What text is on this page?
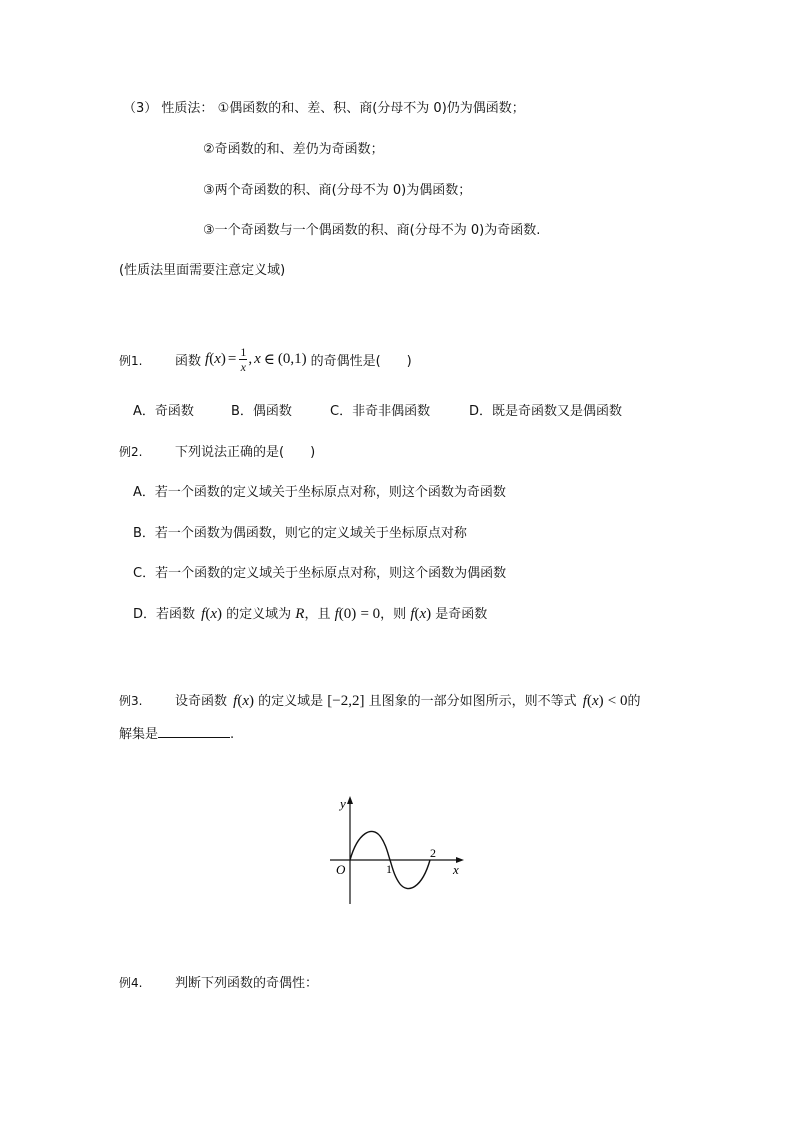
（3） 性质法： ①偶函数的和、差、积、商(分母不为 0)仍为偶函数；
②奇函数的和、差仍为奇函数；
③两个奇函数的积、商(分母不为 0)为偶函数；
③一个奇函数与一个偶函数的积、商(分母不为 0)为奇函数.
(性质法里面需要注意定义域)
例1.	函数 f ( x ) = $\frac{1}{x}$ , x ∈ (0,1) 的奇偶性是(　　)
A．奇函数	B．偶函数	C．非奇非偶函数	D．既是奇函数又是偶函数
例2.	下列说法正确的是(　　)
A．若一个函数的定义域关于坐标原点对称，则这个函数为奇函数
B．若一个函数为偶函数，则它的定义域关于坐标原点对称
C．若一个函数的定义域关于坐标原点对称，则这个函数为偶函数
D．若函数 f(x) 的定义域为 R，且 f(0) = 0，则 f(x) 是奇函数
例3.	设奇函数 f(x) 的定义域是 [−2,2] 且图象的一部分如图所示，则不等式 f(x) < 0的
解集是	.
y
x
O	1
2
例4.	判断下列函数的奇偶性：
